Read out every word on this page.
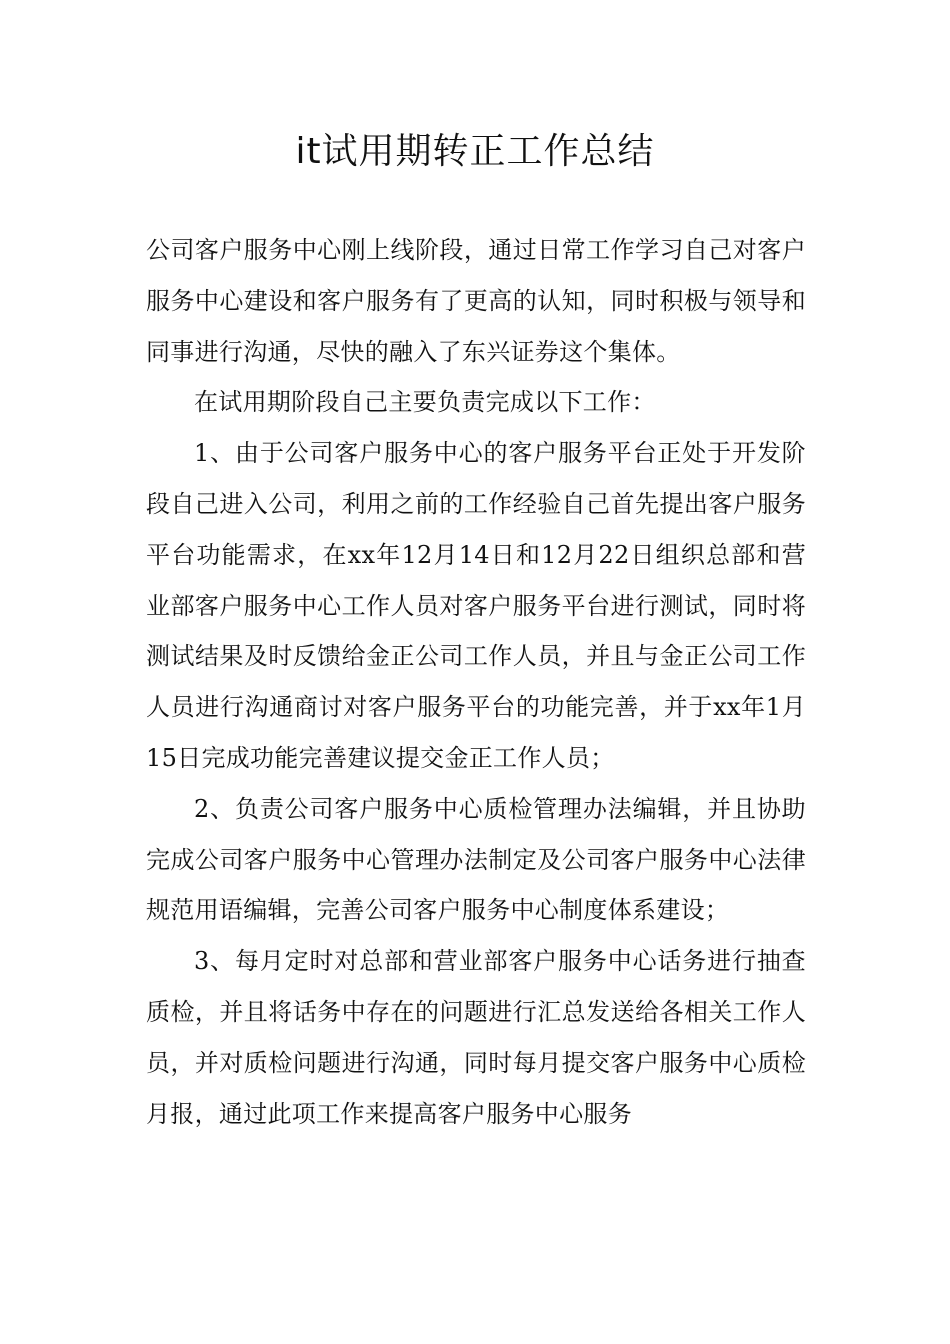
it试用期转正工作总结

公司客户服务中心刚上线阶段，通过日常工作学习自己对客户服务中心建设和客户服务有了更高的认知，同时积极与领导和同事进行沟通，尽快的融入了东兴证券这个集体。

在试用期阶段自己主要负责完成以下工作：

1、由于公司客户服务中心的客户服务平台正处于开发阶段自己进入公司，利用之前的工作经验自己首先提出客户服务平台功能需求，在xx年12月14日和12月22日组织总部和营业部客户服务中心工作人员对客户服务平台进行测试，同时将测试结果及时反馈给金正公司工作人员，并且与金正公司工作人员进行沟通商讨对客户服务平台的功能完善，并于xx年1月15日完成功能完善建议提交金正工作人员；

2、负责公司客户服务中心质检管理办法编辑，并且协助完成公司客户服务中心管理办法制定及公司客户服务中心法律规范用语编辑，完善公司客户服务中心制度体系建设；

3、每月定时对总部和营业部客户服务中心话务进行抽查质检，并且将话务中存在的问题进行汇总发送给各相关工作人员，并对质检问题进行沟通，同时每月提交客户服务中心质检月报，通过此项工作来提高客户服务中心服务
